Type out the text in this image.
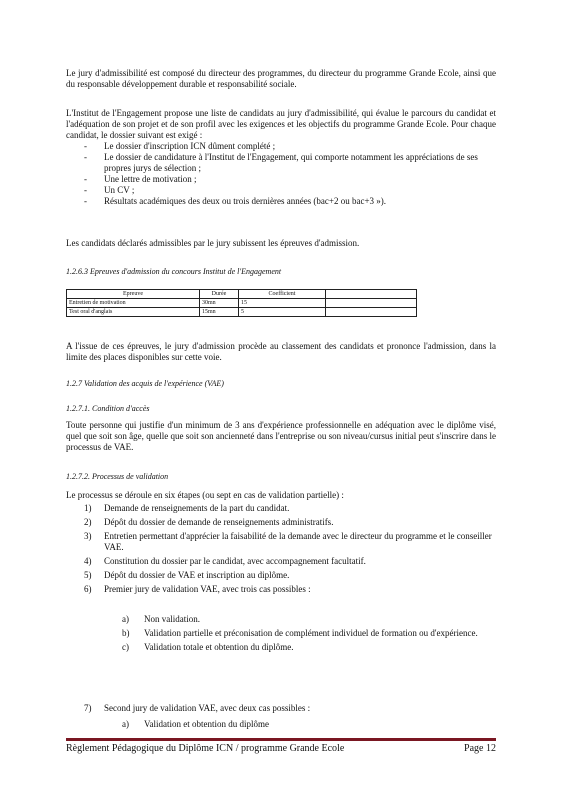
Le jury d'admissibilité est composé du directeur des programmes, du directeur du programme Grande Ecole, ainsi que du responsable développement durable et responsabilité sociale.

L'Institut de l'Engagement propose une liste de candidats au jury d'admissibilité, qui évalue le parcours du candidat et l'adéquation de son projet et de son profil avec les exigences et les objectifs du programme Grande Ecole. Pour chaque candidat, le dossier suivant est exigé :

- Le dossier d'inscription ICN dûment complété ;
- Le dossier de candidature à l'Institut de l'Engagement, qui comporte notamment les appréciations de ses propres jurys de sélection ;
- Une lettre de motivation ;
- Un CV ;
- Résultats académiques des deux ou trois dernières années (bac+2 ou bac+3 »).

Les candidats déclarés admissibles par le jury subissent les épreuves d'admission.

1.2.6.3 Epreuves d'admission du concours Institut de l'Engagement

Epreuve	Durée	Coefficient	
Entretien de motivation	30mn	15	
Test oral d'anglais	15mn	5	

A l'issue de ces épreuves, le jury d'admission procède au classement des candidats et prononce l'admission, dans la limite des places disponibles sur cette voie.

1.2.7 Validation des acquis de l'expérience (VAE)

1.2.7.1. Condition d'accès

Toute personne qui justifie d'un minimum de 3 ans d'expérience professionnelle en adéquation avec le diplôme visé, quel que soit son âge, quelle que soit son ancienneté dans l'entreprise ou son niveau/cursus initial peut s'inscrire dans le processus de VAE.

1.2.7.2. Processus de validation

Le processus se déroule en six étapes (ou sept en cas de validation partielle) :

1) Demande de renseignements de la part du candidat.
2) Dépôt du dossier de demande de renseignements administratifs.
3) Entretien permettant d'apprécier la faisabilité de la demande avec le directeur du programme et le conseiller VAE.
4) Constitution du dossier par le candidat, avec accompagnement facultatif.
5) Dépôt du dossier de VAE et inscription au diplôme.
6) Premier jury de validation VAE, avec trois cas possibles :
a) Non validation.
b) Validation partielle et préconisation de complément individuel de formation ou d'expérience.
c) Validation totale et obtention du diplôme.
7) Second jury de validation VAE, avec deux cas possibles :
a) Validation et obtention du diplôme
Règlement Pédagogique du Diplôme ICN / programme Grande Ecole	Page 12
